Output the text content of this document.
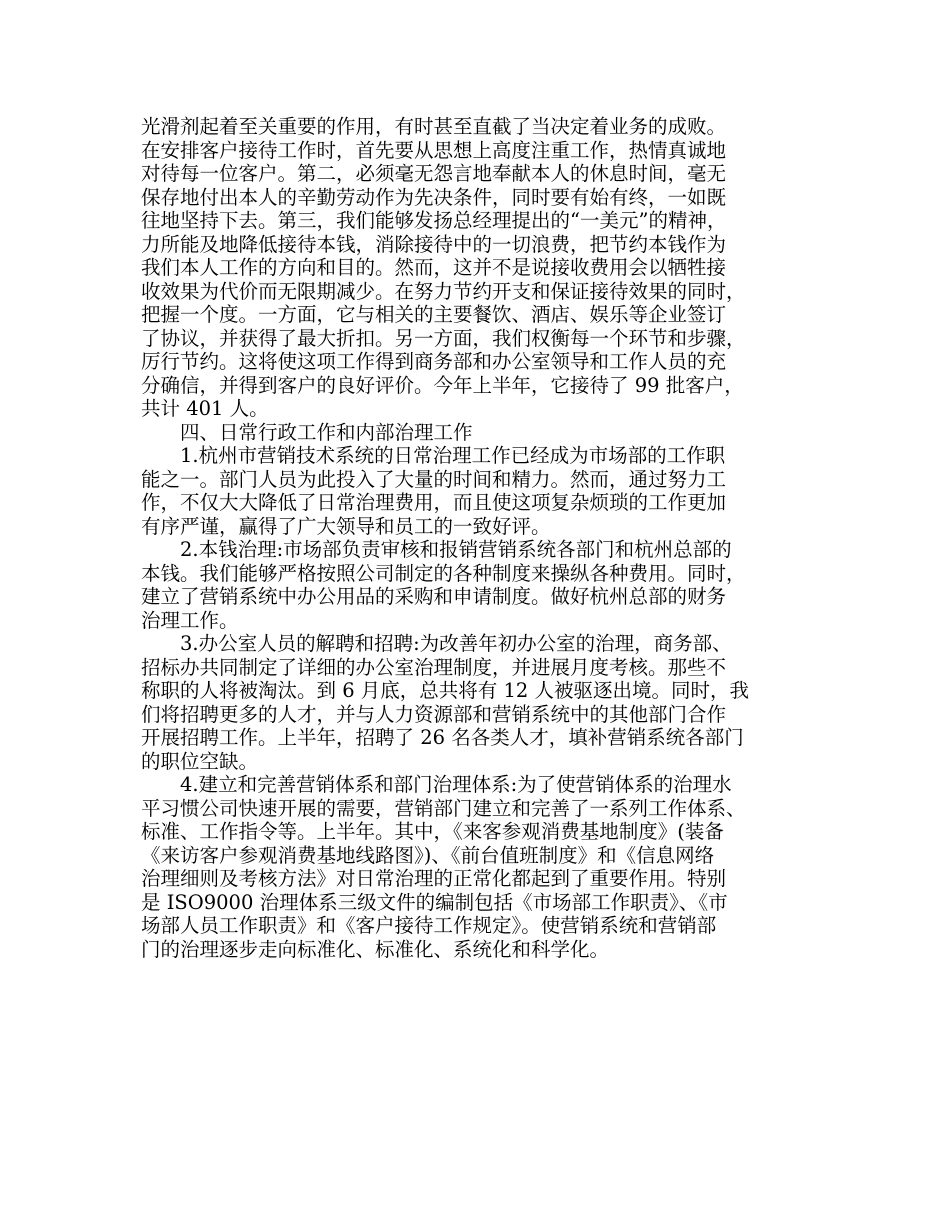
光滑剂起着至关重要的作用，有时甚至直截了当决定着业务的成败。
在安排客户接待工作时，首先要从思想上高度注重工作，热情真诚地
对待每一位客户。第二，必须毫无怨言地奉献本人的休息时间，毫无
保存地付出本人的辛勤劳动作为先决条件，同时要有始有终，一如既
往地坚持下去。第三，我们能够发扬总经理提出的“一美元”的精神，
力所能及地降低接待本钱，消除接待中的一切浪费，把节约本钱作为
我们本人工作的方向和目的。然而，这并不是说接收费用会以牺牲接
收效果为代价而无限期减少。在努力节约开支和保证接待效果的同时，
把握一个度。一方面，它与相关的主要餐饮、酒店、娱乐等企业签订
了协议，并获得了最大折扣。另一方面，我们权衡每一个环节和步骤，
厉行节约。这将使这项工作得到商务部和办公室领导和工作人员的充
分确信，并得到客户的良好评价。今年上半年，它接待了 99 批客户，
共计 401 人。
四、日常行政工作和内部治理工作
1.杭州市营销技术系统的日常治理工作已经成为市场部的工作职
能之一。部门人员为此投入了大量的时间和精力。然而，通过努力工
作，不仅大大降低了日常治理费用，而且使这项复杂烦琐的工作更加
有序严谨，赢得了广大领导和员工的一致好评。
2.本钱治理:市场部负责审核和报销营销系统各部门和杭州总部的
本钱。我们能够严格按照公司制定的各种制度来操纵各种费用。同时，
建立了营销系统中办公用品的采购和申请制度。做好杭州总部的财务
治理工作。
3.办公室人员的解聘和招聘:为改善年初办公室的治理，商务部、
招标办共同制定了详细的办公室治理制度，并进展月度考核。那些不
称职的人将被淘汰。到 6 月底，总共将有 12 人被驱逐出境。同时，我
们将招聘更多的人才，并与人力资源部和营销系统中的其他部门合作
开展招聘工作。上半年，招聘了 26 名各类人才，填补营销系统各部门
的职位空缺。
4.建立和完善营销体系和部门治理体系:为了使营销体系的治理水
平习惯公司快速开展的需要，营销部门建立和完善了一系列工作体系、
标准、工作指令等。上半年。其中，《来客参观消费基地制度》(装备
《来访客户参观消费基地线路图》)、《前台值班制度》和《信息网络
治理细则及考核方法》对日常治理的正常化都起到了重要作用。特别
是 ISO9000 治理体系三级文件的编制包括《市场部工作职责》、《市
场部人员工作职责》和《客户接待工作规定》。使营销系统和营销部
门的治理逐步走向标准化、标准化、系统化和科学化。
